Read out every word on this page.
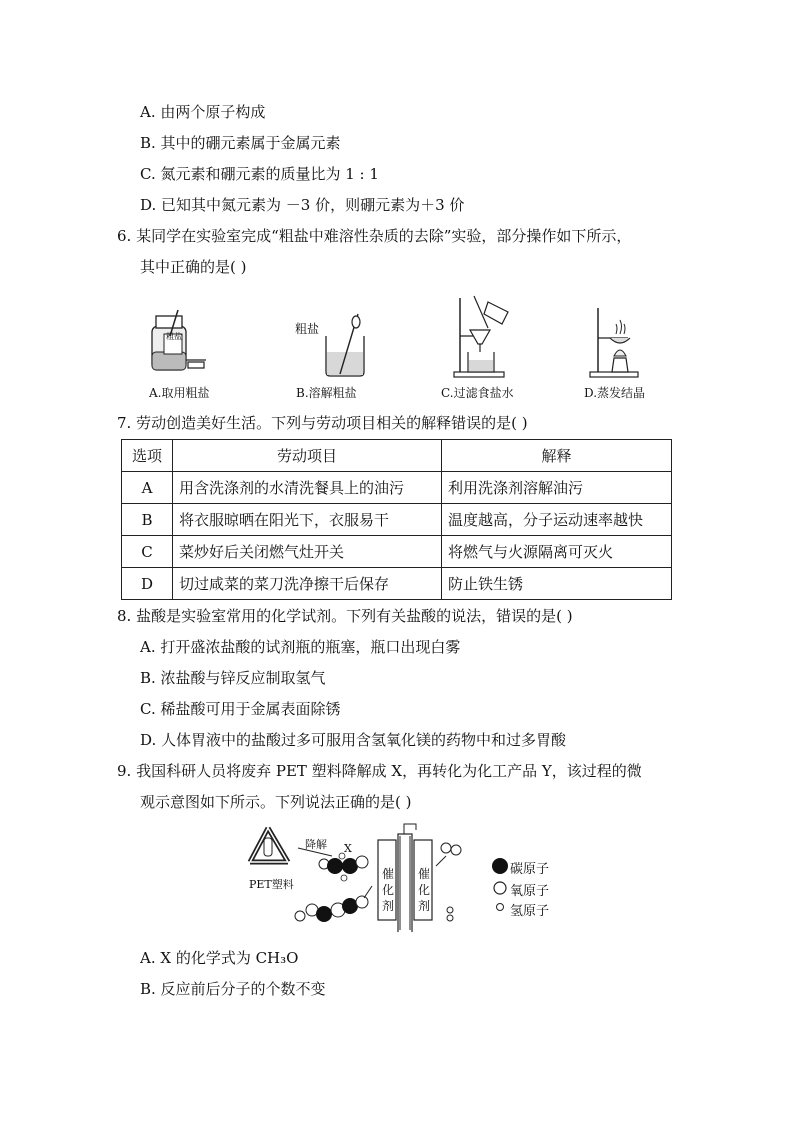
A. 由两个原子构成
B. 其中的硼元素属于金属元素
C. 氮元素和硼元素的质量比为 1 : 1
D. 已知其中氮元素为 －3 价，则硼元素为＋3 价
6. 某同学在实验室完成“粗盐中难溶性杂质的去除”实验，部分操作如下所示，
其中正确的是( )
粗盐
粗盐
A.取用粗盐	B.溶解粗盐	C.过滤食盐水	D.蒸发结晶
7. 劳动创造美好生活。下列与劳动项目相关的解释错误的是( )
选项	劳动项目	解释
A	用含洗涤剂的水清洗餐具上的油污	利用洗涤剂溶解油污
B	将衣服晾晒在阳光下，衣服易干	温度越高，分子运动速率越快
C	菜炒好后关闭燃气灶开关	将燃气与火源隔离可灭火
D	切过咸菜的菜刀洗净擦干后保存	防止铁生锈
8. 盐酸是实验室常用的化学试剂。下列有关盐酸的说法，错误的是( )
A. 打开盛浓盐酸的试剂瓶的瓶塞，瓶口出现白雾
B. 浓盐酸与锌反应制取氢气
C. 稀盐酸可用于金属表面除锈
D. 人体胃液中的盐酸过多可服用含氢氧化镁的药物中和过多胃酸
9. 我国科研人员将废弃 PET 塑料降解成 X，再转化为化工产品 Y，该过程的微
观示意图如下所示。下列说法正确的是( )
PET塑料
降解 X
催
化
剂
催
化
剂
碳原子
氧原子
氢原子
A. X 的化学式为 CH₃O
B. 反应前后分子的个数不变
